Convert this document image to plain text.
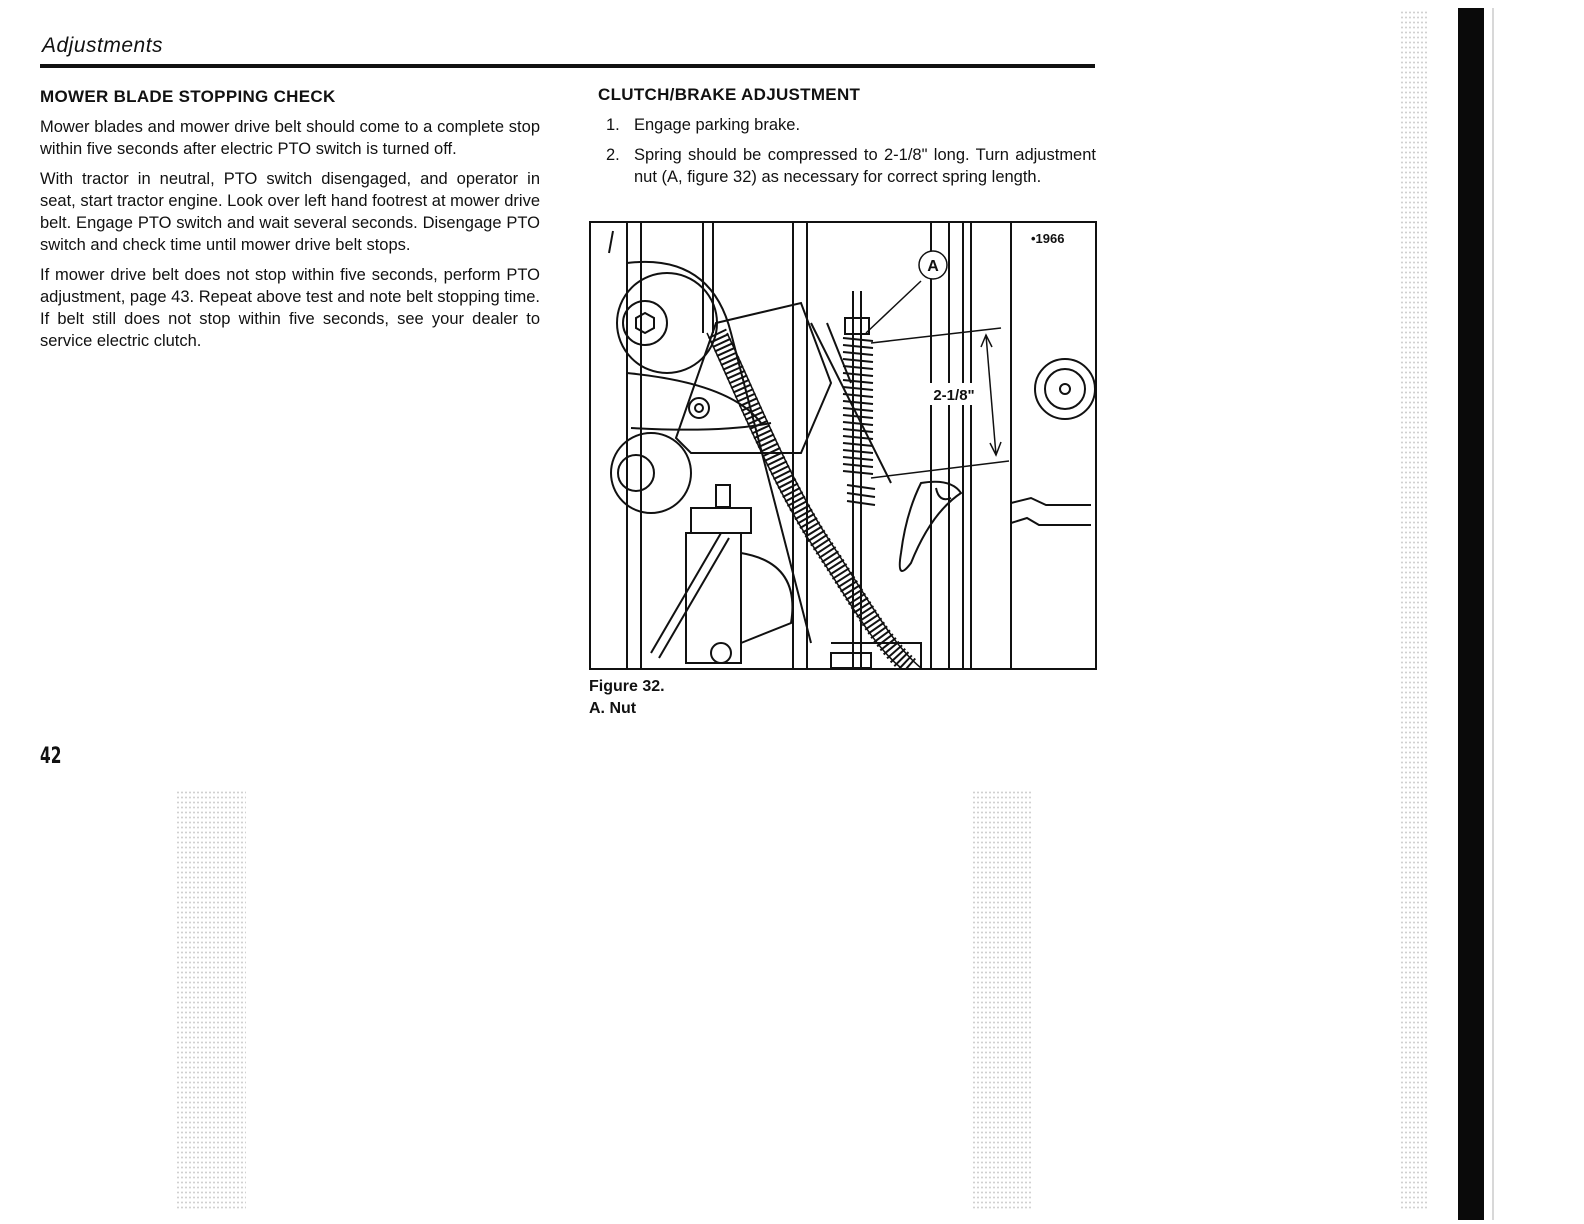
Adjustments
MOWER BLADE STOPPING CHECK

Mower blades and mower drive belt should come to a complete stop within five seconds after electric PTO switch is turned off.

With tractor in neutral, PTO switch disengaged, and operator in seat, start tractor engine. Look over left hand footrest at mower drive belt. Engage PTO switch and wait several seconds. Disengage PTO switch and check time until mower drive belt stops.

If mower drive belt does not stop within five seconds, perform PTO adjustment, page 43. Repeat above test and note belt stopping time. If belt still does not stop within five seconds, see your dealer to service electric clutch.

CLUTCH/BRAKE ADJUSTMENT
1. Engage parking brake.
2. Spring should be compressed to 2-1/8" long. Turn adjustment nut (A, figure 32) as necessary for correct spring length.
A
2-1/8"
•1966
Figure 32.
A. Nut
42
